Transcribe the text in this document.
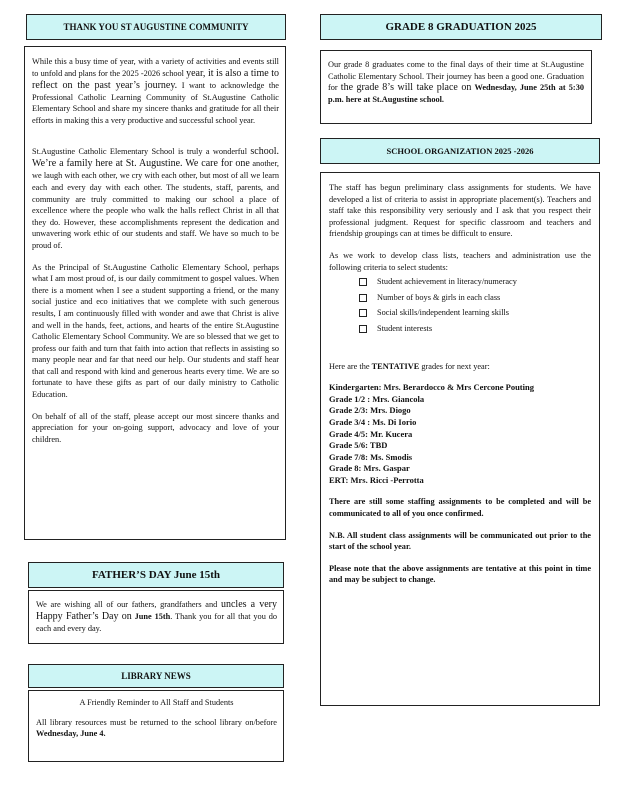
THANK YOU ST AUGUSTINE COMMUNITY

While this a busy time of year, with a variety of activities and events still to unfold and plans for the 2025 -2026 school year, it is also a time to reflect on the past year’s journey. I want to acknowledge the Professional Catholic Learning Community of St.Augustine Catholic Elementary School and share my sincere thanks and gratitude for all their efforts in making this a very productive and successful school year.

St.Augustine Catholic Elementary School is truly a wonderful school. We’re a family here at St. Augustine. We care for one another, we laugh with each other, we cry with each other, but most of all we learn each and every day with each other. The students, staff, parents, and community are truly committed to making our school a place of excellence where the people who walk the halls reflect Christ in all that they do. However, these accomplishments represent the dedication and unwavering work ethic of our students and staff. We have so much to be proud of.

As the Principal of St.Augustine Catholic Elementary School, perhaps what I am most proud of, is our daily commitment to gospel values. When there is a moment when I see a student supporting a friend, or the many social justice and eco initiatives that we complete with such generous results, I am continuously filled with wonder and awe that Christ is alive and well in the hands, feet, actions, and hearts of the entire St.Augustine Catholic Elementary School Community. We are so blessed that we get to profess our faith and turn that faith into action that reflects in assisting so many people near and far that need our help. Our students and staff hear that call and respond with kind and generous hearts every time. We are so fortunate to have these gifts as part of our daily ministry to Catholic Education.

On behalf of all of the staff, please accept our most sincere thanks and appreciation for your on-going support, advocacy and love of your children.

FATHER’S DAY June 15th

We are wishing all of our fathers, grandfathers and uncles a very Happy Father’s Day on June 15th. Thank you for all that you do each and every day.

LIBRARY NEWS

A Friendly Reminder to All Staff and Students

All library resources must be returned to the school library on/before Wednesday, June 4.

GRADE 8 GRADUATION 2025

Our grade 8 graduates come to the final days of their time at St.Augustine Catholic Elementary School. Their journey has been a good one. Graduation for the grade 8’s will take place on Wednesday, June 25th at 5:30 p.m. here at St.Augustine school.

SCHOOL ORGANIZATION 2025 -2026

The staff has begun preliminary class assignments for students. We have developed a list of criteria to assist in appropriate placement(s). Teachers and staff take this responsibility very seriously and I ask that you respect their professional judgment. Request for specific classroom and teachers and friendship groupings can at times be difficult to ensure.

As we work to develop class lists, teachers and administration use the following criteria to select students:

Student achievement in literacy/numeracy
Number of boys & girls in each class
Social skills/independent learning skills
Student interests

Here are the TENTATIVE grades for next year:

Kindergarten: Mrs. Berardocco & Mrs Cercone Pouting
Grade 1/2 : Mrs. Giancola
Grade 2/3: Mrs. Diogo
Grade 3/4 : Ms. Di Iorio
Grade 4/5: Mr. Kucera
Grade 5/6: TBD
Grade 7/8: Ms. Smodis
Grade 8: Mrs. Gaspar
ERT: Mrs. Ricci -Perrotta

There are still some staffing assignments to be completed and will be communicated to all of you once confirmed.

N.B. All student class assignments will be communicated out prior to the start of the school year.

Please note that the above assignments are tentative at this point in time and may be subject to change.
